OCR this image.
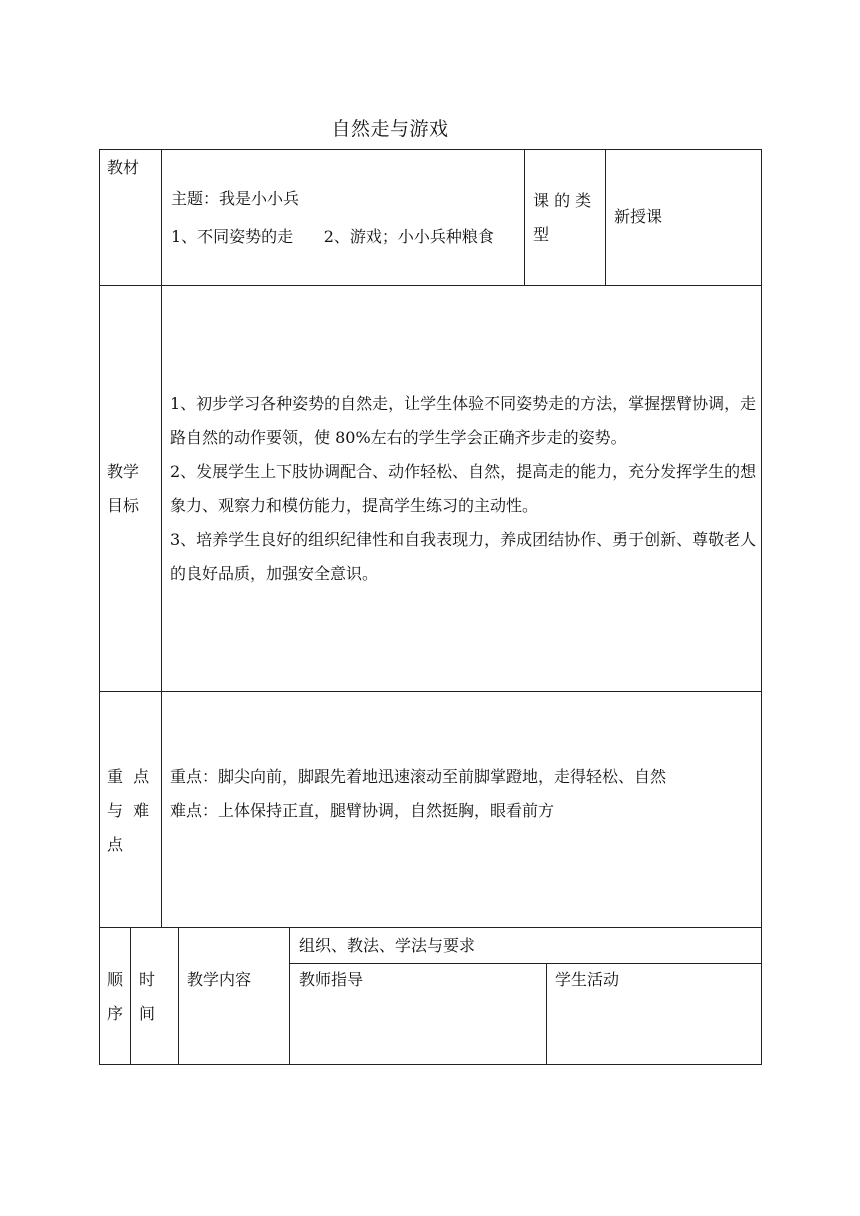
自然走与游戏
教材
主题：我是小小兵
1、不同姿势的走      2、游戏；小小兵种粮食
课 的 类
型
新授课
教学
目标
1、初步学习各种姿势的自然走，让学生体验不同姿势走的方法，掌握摆臂协调，走路自然的动作要领，使 80%左右的学生学会正确齐步走的姿势。
2、发展学生上下肢协调配合、动作轻松、自然，提高走的能力，充分发挥学生的想象力、观察力和模仿能力，提高学生练习的主动性。
3、培养学生良好的组织纪律性和自我表现力，养成团结协作、勇于创新、尊敬老人的良好品质，加强安全意识。
重  点
与  难
点
重点：脚尖向前，脚跟先着地迅速滚动至前脚掌蹬地，走得轻松、自然
难点：上体保持正直，腿臂协调，自然挺胸，眼看前方
顺
序
时
间
教学内容
组织、教法、学法与要求
教师指导	学生活动
